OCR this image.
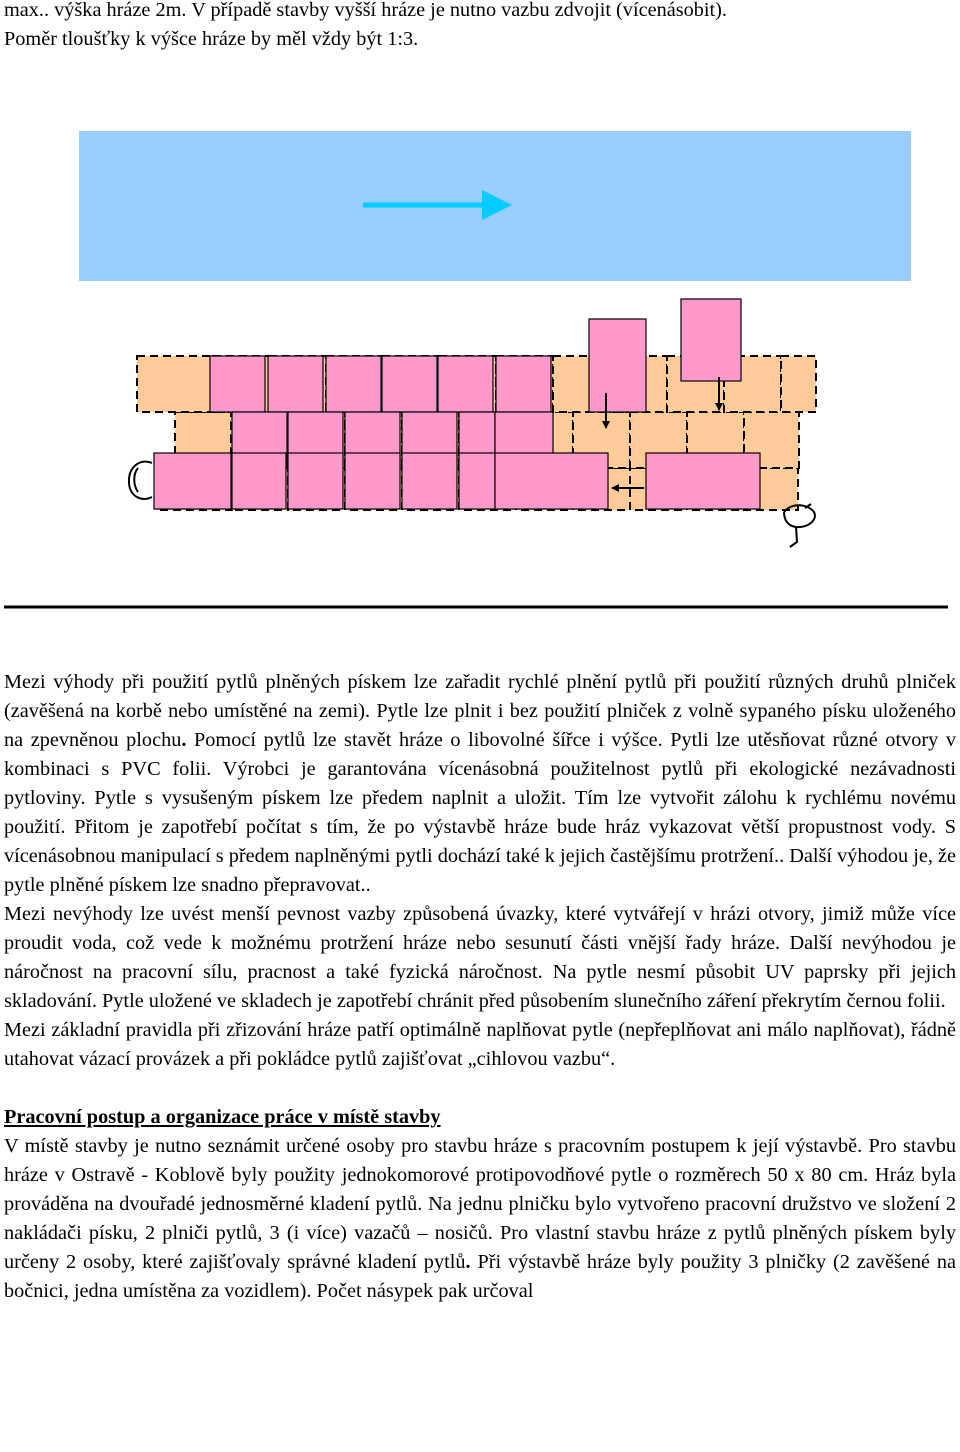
max.. výška hráze 2m. V případě stavby vyšší hráze je nutno vazbu zdvojit (vícenásobit).

Poměr tloušťky k výšce hráze by měl vždy být 1:3.

Mezi výhody při použití pytlů plněných pískem lze zařadit rychlé plnění pytlů při použití různých druhů plniček (zavěšená na korbě nebo umístěné na zemi). Pytle lze plnit i bez použití plniček z volně sypaného písku uloženého na zpevněnou plochu. Pomocí pytlů lze stavět hráze o libovolné šířce i výšce. Pytli lze utěsňovat různé otvory v kombinaci s PVC folii. Výrobci je garantována vícenásobná použitelnost pytlů při ekologické nezávadnosti pytloviny. Pytle s vysušeným pískem lze předem naplnit a uložit. Tím lze vytvořit zálohu k rychlému novému použití. Přitom je zapotřebí počítat s tím, že po výstavbě hráze bude hráz vykazovat větší propustnost vody. S vícenásobnou manipulací s předem naplněnými pytli dochází také k jejich častějšímu protržení.. Další výhodou je, že pytle plněné pískem lze snadno přepravovat..

Mezi nevýhody lze uvést menší pevnost vazby způsobená úvazky, které vytvářejí v hrázi otvory, jimiž může více proudit voda, což vede k možnému protržení hráze nebo sesunutí části vnější řady hráze. Další nevýhodou je náročnost na pracovní sílu, pracnost a také fyzická náročnost. Na pytle nesmí působit UV paprsky při jejich skladování. Pytle uložené ve skladech je zapotřebí chránit před působením slunečního záření překrytím černou folii.

Mezi základní pravidla při zřizování hráze patří optimálně naplňovat pytle (nepřeplňovat ani málo naplňovat), řádně utahovat vázací provázek a při pokládce pytlů zajišťovat „cihlovou vazbu“.

Pracovní postup a organizace práce v místě stavby

V místě stavby je nutno seznámit určené osoby pro stavbu hráze s pracovním postupem k její výstavbě. Pro stavbu hráze v Ostravě - Koblově byly použity jednokomorové protipovodňové pytle o rozměrech 50 x 80 cm. Hráz byla prováděna na dvouřadé jednosměrné kladení pytlů. Na jednu plničku bylo vytvořeno pracovní družstvo ve složení 2 nakládači písku, 2 plniči pytlů, 3 (i více) vazačů – nosičů. Pro vlastní stavbu hráze z pytlů plněných pískem byly určeny 2 osoby, které zajišťovaly správné kladení pytlů. Při výstavbě hráze byly použity 3 plničky (2 zavěšené na bočnici, jedna umístěna za vozidlem). Počet násypek pak určoval
